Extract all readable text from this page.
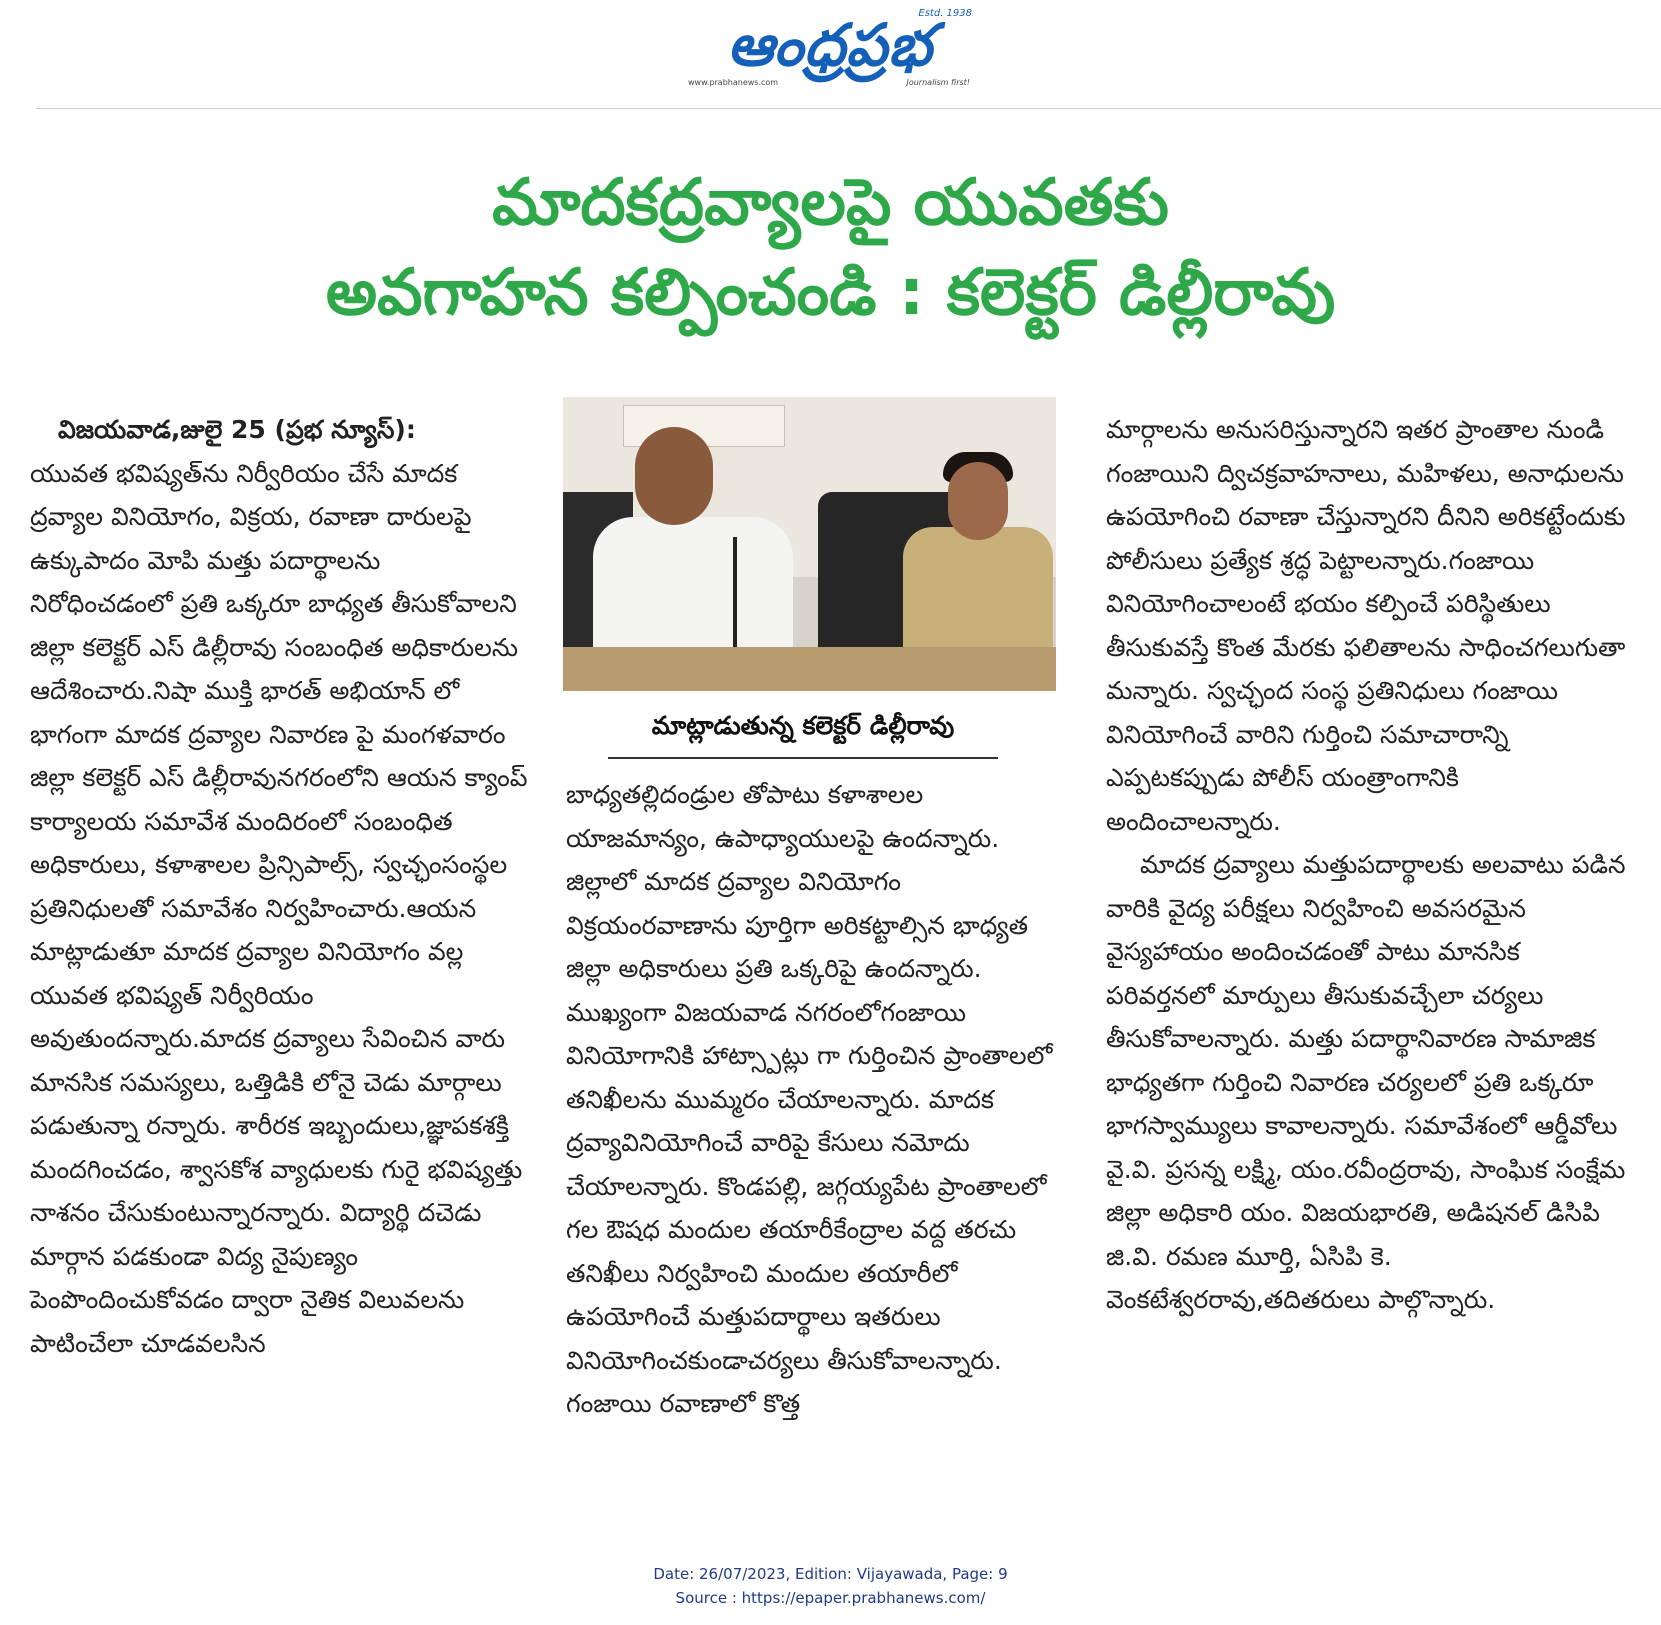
ఆంధ్రప్రభ
Estd. 1938
www.prabhanews.com	Journalism first!
మాదకద్రవ్యాలపై యువతకు
అవగాహన కల్పించండి : కలెక్టర్ డిల్లీరావు

విజయవాడ,జులై 25 (ప్రభ న్యూస్):

యువత భవిష్యత్‌ను నిర్వీరియం చేసే మాదక ద్రవ్యాల వినియోగం, విక్రయ, రవాణా దారులపై ఉక్కుపాదం మోపి మత్తు పదార్థాలను నిరోధించడంలో ప్రతి ఒక్కరూ బాధ్యత తీసుకోవాలని జిల్లా కలెక్టర్ ఎస్ డిల్లీరావు సంబంధిత అధికారులను ఆదేశించారు.నిషా ముక్తి భారత్ అభియాన్ లో భాగంగా మాదక ద్రవ్యాల నివారణ పై మంగళవారం జిల్లా కలెక్టర్ ఎస్ డిల్లీరావునగరంలోని ఆయన క్యాంప్ కార్యాలయ సమావేశ మందిరంలో సంబంధిత అధికారులు, కళాశాలల ప్రిన్సిపాల్స్, స్వచ్ఛంసంస్థల ప్రతినిధులతో సమావేశం నిర్వహించారు.ఆయన మాట్లాడుతూ మాదక ద్రవ్యాల వినియోగం వల్ల యువత భవిష్యత్ నిర్వీరియం అవుతుందన్నారు.మాదక ద్రవ్యాలు సేవించిన వారు మానసిక సమస్యలు, ఒత్తిడికి లోనై చెడు మార్గాలు పడుతున్నా రన్నారు. శారీరక ఇబ్బందులు,జ్ఞాపకశక్తి మందగించడం, శ్వాసకోశ వ్యాధులకు గురై భవిష్యత్తు నాశనం చేసుకుంటున్నారన్నారు. విద్యార్థి దచెడు మార్గాన పడకుండా విద్య నైపుణ్యం పెంపొందించుకోవడం ద్వారా నైతిక విలువలను పాటించేలా చూడవలసిన

మాట్లాడుతున్న కలెక్టర్ డిల్లీరావు

బాధ్యతల్లిదండ్రుల తోపాటు కళాశాలల యాజమాన్యం, ఉపాధ్యాయులపై ఉందన్నారు. జిల్లాలో మాదక ద్రవ్యాల వినియోగం విక్రయంరవాణాను పూర్తిగా అరికట్టాల్సిన భాధ్యత జిల్లా అధికారులు ప్రతి ఒక్కరిపై ఉందన్నారు. ముఖ్యంగా విజయవాడ నగరంలోగంజాయి వినియోగానికి హాట్స్పాట్లు గా గుర్తించిన ప్రాంతాలలో తనిఖీలను ముమ్మరం చేయాలన్నారు. మాదక ద్రవ్యావినియోగించే వారిపై కేసులు నమోదు చేయాలన్నారు. కొండపల్లి, జగ్గయ్యపేట ప్రాంతాలలో గల ఔషధ మందుల తయారీకేంద్రాల వద్ద తరచు తనిఖీలు నిర్వహించి మందుల తయారీలో ఉపయోగించే మత్తుపదార్థాలు ఇతరులు వినియోగించకుండాచర్యలు తీసుకోవాలన్నారు. గంజాయి రవాణాలో కొత్త

మార్గాలను అనుసరిస్తున్నారని ఇతర ప్రాంతాల నుండి గంజాయిని ద్విచక్రవాహనాలు, మహిళలు, అనాధులను ఉపయోగించి రవాణా చేస్తున్నారని దీనిని అరికట్టేందుకు పోలీసులు ప్రత్యేక శ్రద్ధ పెట్టాలన్నారు.గంజాయి వినియోగించాలంటే భయం కల్పించే పరిస్థితులు తీసుకువస్తే కొంత మేరకు ఫలితాలను సాధించగలుగుతా మన్నారు. స్వచ్ఛంద సంస్థ ప్రతినిధులు గంజాయి వినియోగించే వారిని గుర్తించి సమాచారాన్ని ఎప్పటకప్పుడు పోలీస్ యంత్రాంగానికి అందించాలన్నారు.

మాదక ద్రవ్యాలు మత్తుపదార్థాలకు అలవాటు పడిన వారికి వైద్య పరీక్షలు నిర్వహించి అవసరమైన వైస్యహాయం అందించడంతో పాటు మానసిక పరివర్తనలో మార్పులు తీసుకువచ్చేలా చర్యలు తీసుకోవాలన్నారు. మత్తు పదార్థానివారణ సామాజిక భాధ్యతగా గుర్తించి నివారణ చర్యలలో ప్రతి ఒక్కరూ భాగస్వామ్యులు కావాలన్నారు. సమావేశంలో ఆర్డీవోలు వై.వి. ప్రసన్న లక్ష్మి, యం.రవీంద్రరావు, సాంఘిక సంక్షేమ జిల్లా అధికారి యం. విజయభారతి, అడిషనల్ డిసిపి జి.వి. రమణ మూర్తి, ఏసిపి కె. వెంకటేశ్వరరావు,తదితరులు పాల్గొన్నారు.

Date: 26/07/2023, Edition: Vijayawada, Page: 9
Source : https://epaper.prabhanews.com/
